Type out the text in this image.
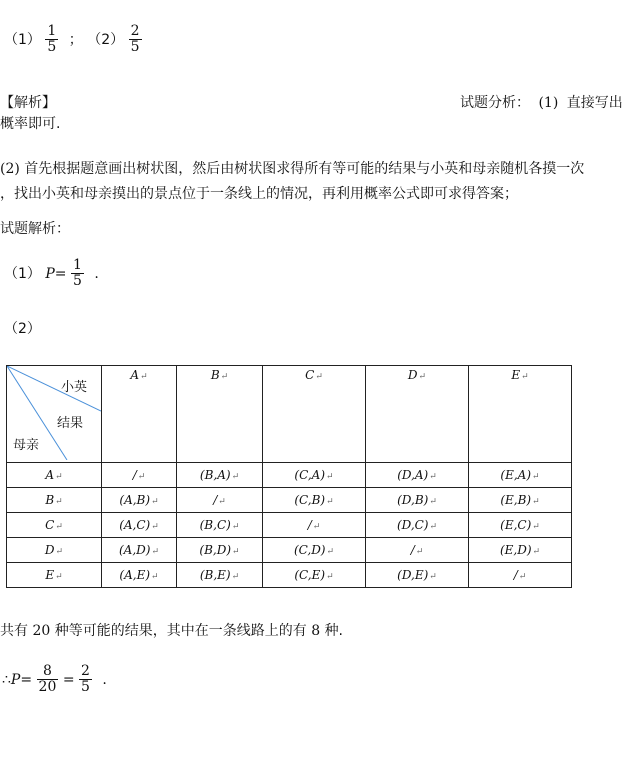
$(1) \frac{1}{5}$ ； $(2) \frac{2}{5}$
【解析】	试题分析： (1) 直接写出
概率即可.
(2) 首先根据题意画出树状图，然后由树状图求得所有等可能的结果与小英和母亲随机各摸一次
，找出小英和母亲摸出的景点位于一条线上的情况，再利用概率公式即可求得答案；
试题解析：
（1） $P= \frac{1}{5}$ .
（2）
小英
结果
母亲	A↵	B↵	C↵	D↵	E↵
A↵	/↵	(B,A)↵	(C,A)↵	(D,A)↵	(E,A)↵
B↵	(A,B)↵	/↵	(C,B)↵	(D,B)↵	(E,B)↵
C↵	(A,C)↵	(B,C)↵	/↵	(D,C)↵	(E,C)↵
D↵	(A,D)↵	(B,D)↵	(C,D)↵	/↵	(E,D)↵
E↵	(A,E)↵	(B,E)↵	(C,E)↵	(D,E)↵	/↵
共有 20 种等可能的结果，其中在一条线路上的有 8 种.
∴P= $\frac{8}{20} = \frac{2}{5}$ .
